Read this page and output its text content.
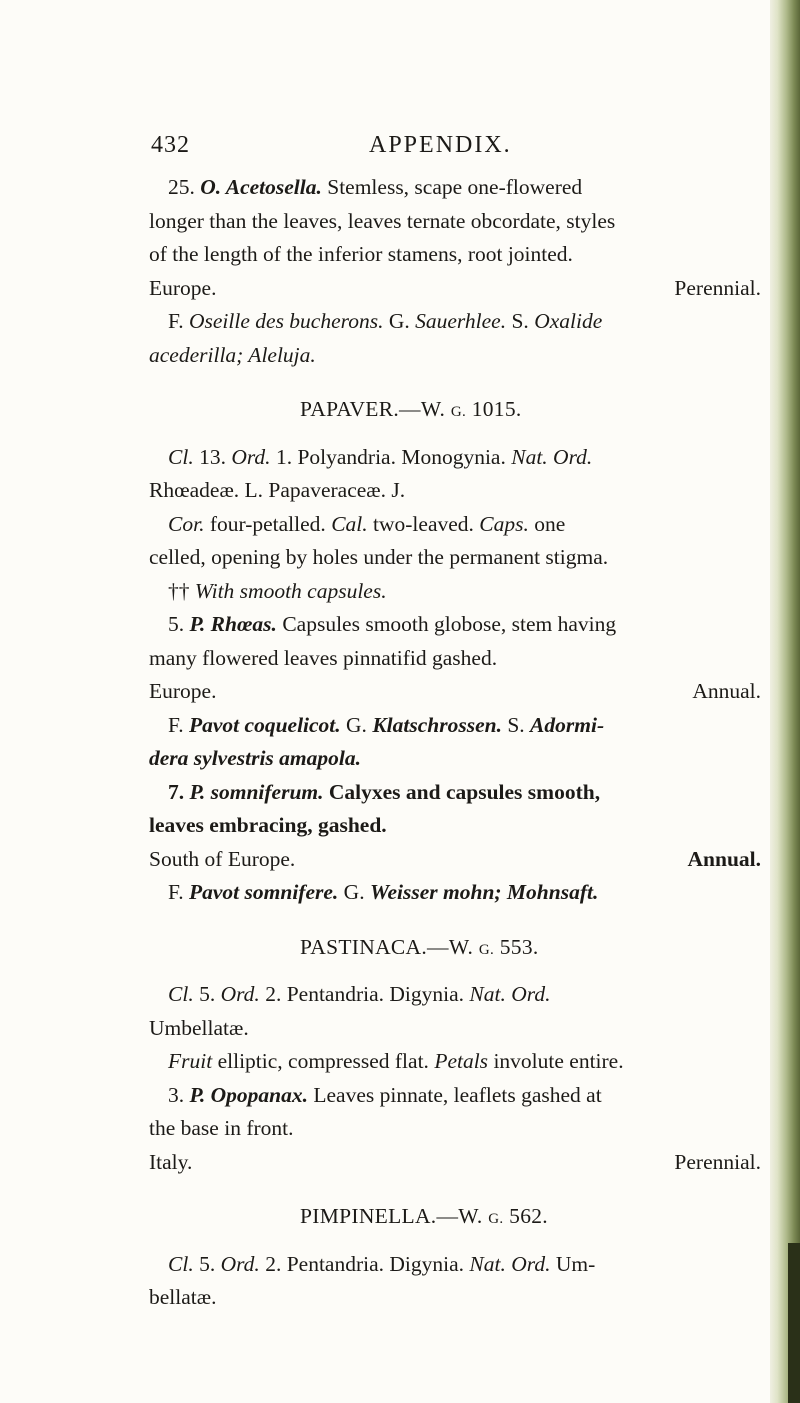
432	APPENDIX.
25. O. Acetosella. Stemless, scape one-flowered
longer than the leaves, leaves ternate obcordate, styles
of the length of the inferior stamens, root jointed.
Europe.	Perennial.
F. Oseille des bucherons. G. Sauerhlee. S. Oxalide
acederilla; Aleluja.
PAPAVER.—W. G. 1015.
Cl. 13. Ord. 1. Polyandria. Monogynia. Nat. Ord.
Rhœadeæ. L. Papaveraceæ. J.
Cor. four-petalled. Cal. two-leaved. Caps. one
celled, opening by holes under the permanent stigma.
†† With smooth capsules.
5. P. Rhœas. Capsules smooth globose, stem having
many flowered leaves pinnatifid gashed.
Europe.	Annual.
F. Pavot coquelicot. G. Klatschrossen. S. Adormi-
dera sylvestris amapola.
7. P. somniferum. Calyxes and capsules smooth,
leaves embracing, gashed.
South of Europe.	Annual.
F. Pavot somnifere. G. Weisser mohn; Mohnsaft.
PASTINACA.—W. G. 553.
Cl. 5. Ord. 2. Pentandria. Digynia. Nat. Ord.
Umbellatæ.
Fruit elliptic, compressed flat. Petals involute entire.
3. P. Opopanax. Leaves pinnate, leaflets gashed at
the base in front.
Italy.	Perennial.
PIMPINELLA.—W. G. 562.
Cl. 5. Ord. 2. Pentandria. Digynia. Nat. Ord. Um-
bellatæ.
